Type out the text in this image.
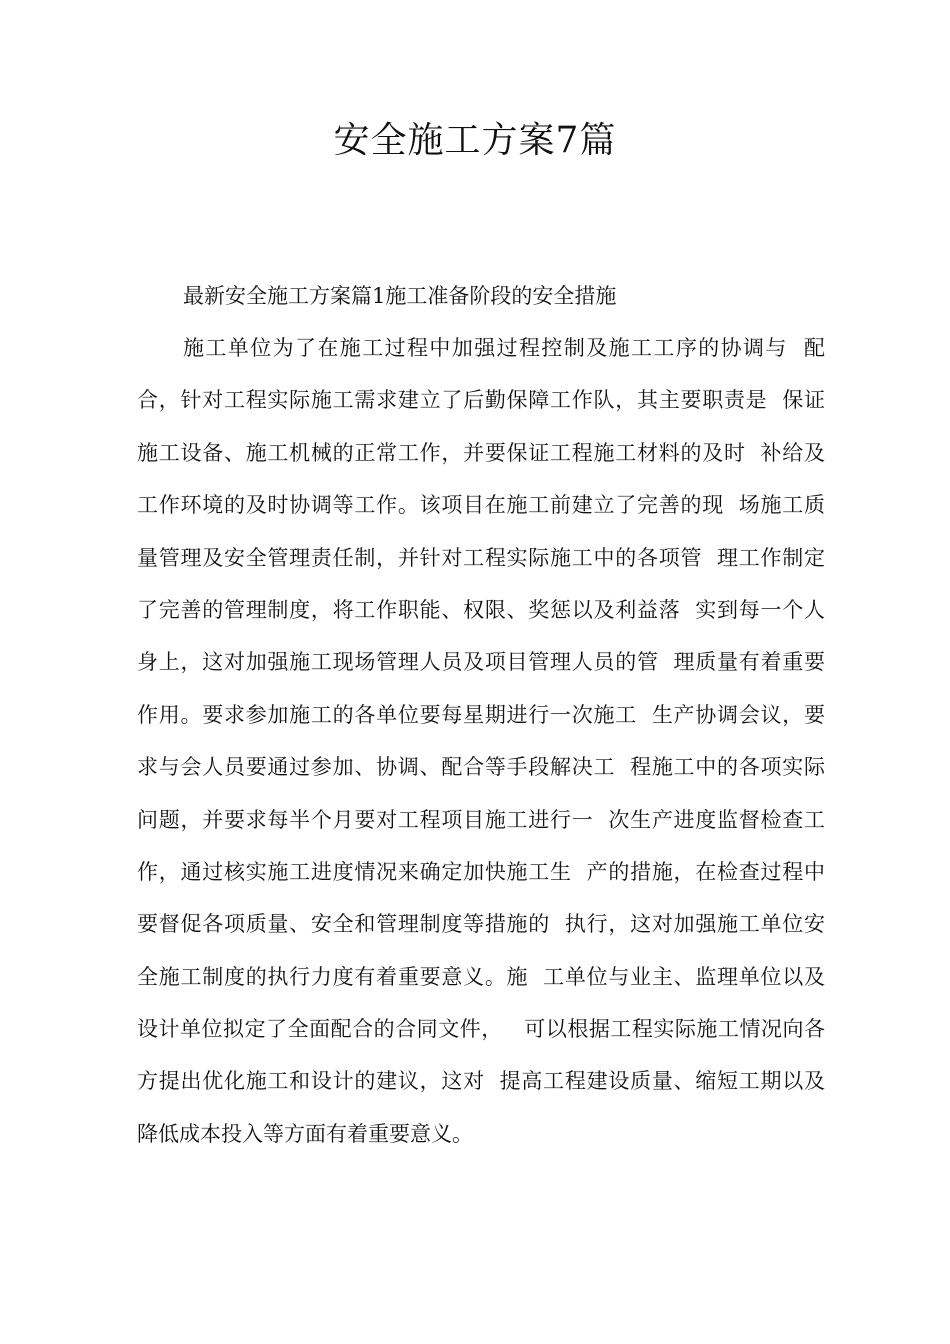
安全施工方案7篇
最新安全施工方案篇1施工准备阶段的安全措施
施工单位为了在施工过程中加强过程控制及施工工序的协调与  配
合，针对工程实际施工需求建立了后勤保障工作队，其主要职责是  保证
施工设备、施工机械的正常工作，并要保证工程施工材料的及时  补给及
工作环境的及时协调等工作。该项目在施工前建立了完善的现  场施工质
量管理及安全管理责任制，并针对工程实际施工中的各项管  理工作制定
了完善的管理制度，将工作职能、权限、奖惩以及利益落  实到每一个人
身上，这对加强施工现场管理人员及项目管理人员的管  理质量有着重要
作用。要求参加施工的各单位要每星期进行一次施工  生产协调会议，要
求与会人员要通过参加、协调、配合等手段解决工  程施工中的各项实际
问题，并要求每半个月要对工程项目施工进行一  次生产进度监督检查工
作，通过核实施工进度情况来确定加快施工生  产的措施，在检查过程中
要督促各项质量、安全和管理制度等措施的  执行，这对加强施工单位安
全施工制度的执行力度有着重要意义。施  工单位与业主、监理单位以及
设计单位拟定了全面配合的合同文件，   可以根据工程实际施工情况向各
方提出优化施工和设计的建议，这对  提高工程建设质量、缩短工期以及
降低成本投入等方面有着重要意义。
